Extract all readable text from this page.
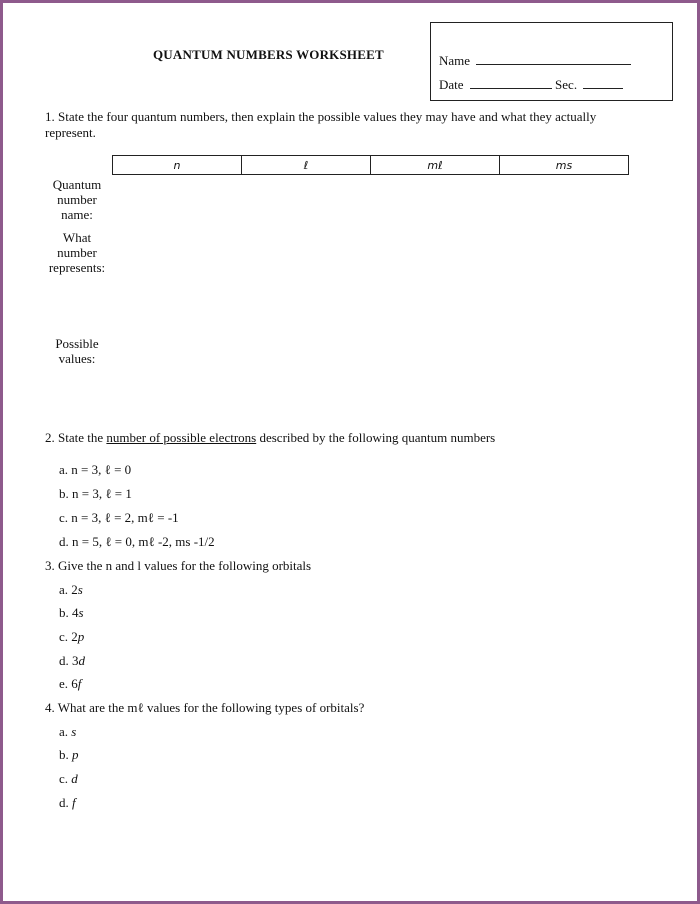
QUANTUM NUMBERS WORKSHEET	Name
Date	Sec.
1. State the four quantum numbers, then explain the possible values they may have and what they actually represent.
n	ℓ	mℓ	ms
Quantum number name:
What number represents:
Possible values:
2. State the number of possible electrons described by the following quantum numbers
a. n = 3, ℓ = 0
b. n = 3, ℓ = 1
c. n = 3, ℓ = 2, mℓ = -1
d. n = 5, ℓ = 0, mℓ -2, ms -1/2
3. Give the n and l values for the following orbitals
a. 2s
b. 4s
c. 2p
d. 3d
e. 6f
4. What are the mℓ values for the following types of orbitals?
a. s
b. p
c. d
d. f
